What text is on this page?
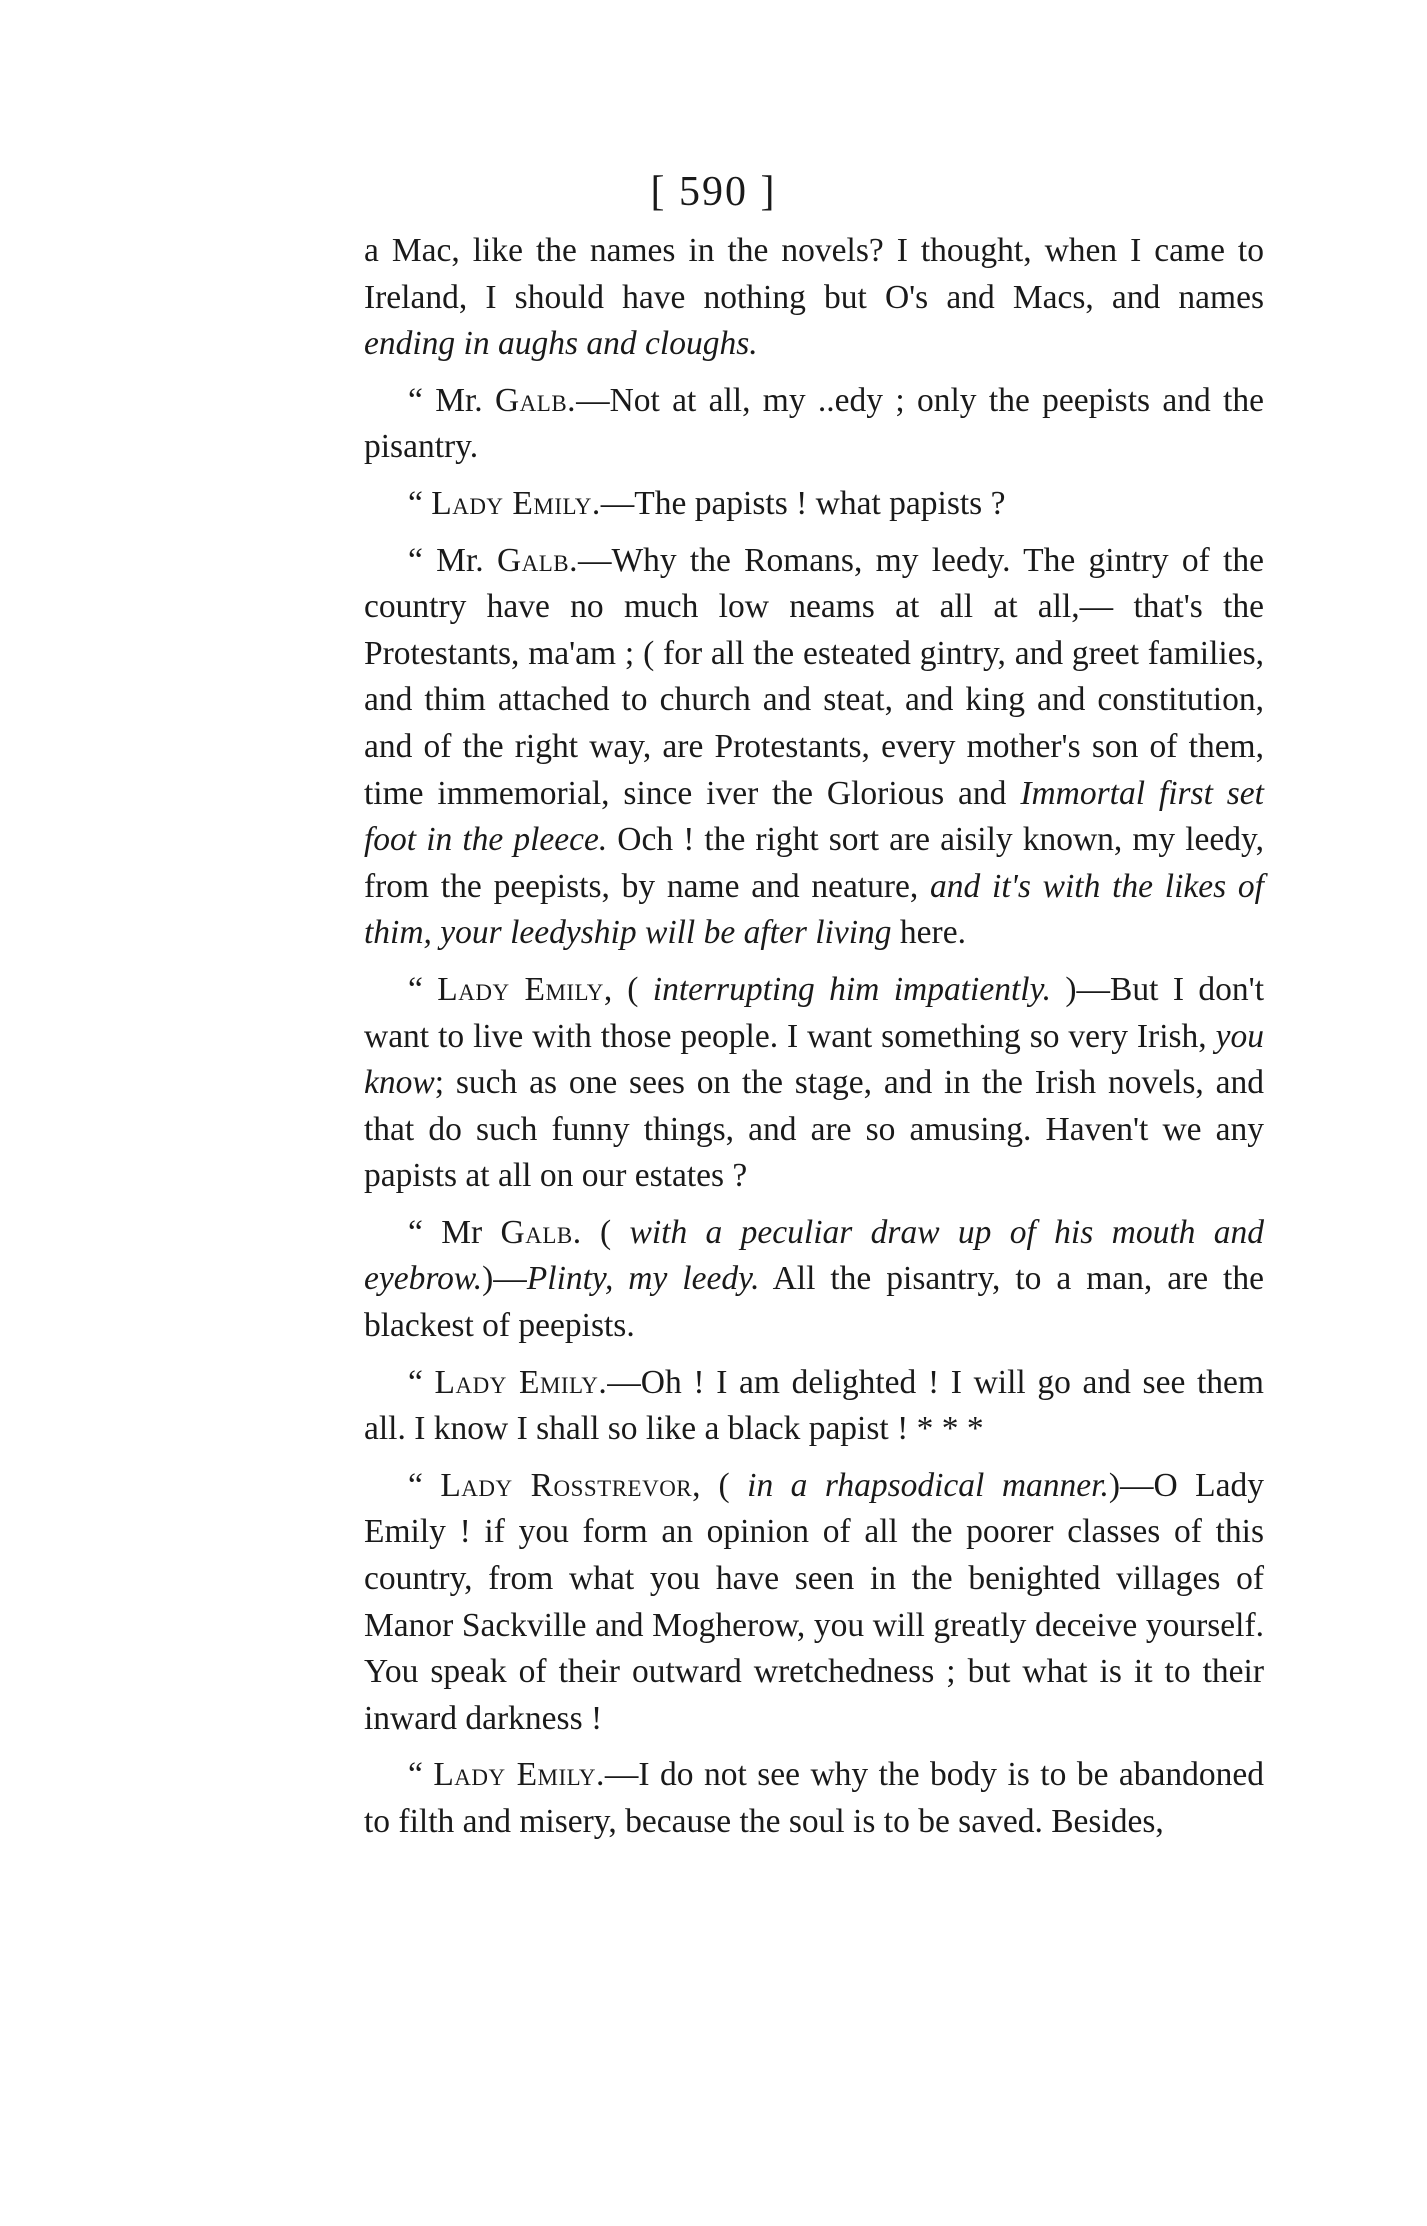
[ 590 ]

a Mac, like the names in the novels? I thought, when I came to Ireland, I should have nothing but O's and Macs, and names ending in aughs and cloughs.

“ Mr. Galb.—Not at all, my ..edy ; only the peepists and the pisantry.

“ Lady Emily.—The papists ! what papists ?

“ Mr. Galb.—Why the Romans, my leedy. The gintry of the country have no much low neams at all at all,— that's the Protestants, ma'am ; ( for all the esteated gintry, and greet families, and thim attached to church and steat, and king and constitution, and of the right way, are Protestants, every mother's son of them, time immemorial, since iver the Glorious and Immortal first set foot in the pleece. Och ! the right sort are aisily known, my leedy, from the peepists, by name and neature, and it's with the likes of thim, your leedyship will be after living here.

“ Lady Emily, ( interrupting him impatiently. )—But I don't want to live with those people. I want something so very Irish, you know; such as one sees on the stage, and in the Irish novels, and that do such funny things, and are so amusing. Haven't we any papists at all on our estates ?

“ Mr Galb. ( with a peculiar draw up of his mouth and eyebrow.)—Plinty, my leedy. All the pisantry, to a man, are the blackest of peepists.

“ Lady Emily.—Oh ! I am delighted ! I will go and see them all. I know I shall so like a black papist ! * * *

“ Lady Rosstrevor, ( in a rhapsodical manner.)—O Lady Emily ! if you form an opinion of all the poorer classes of this country, from what you have seen in the benighted villages of Manor Sackville and Mogherow, you will greatly deceive yourself. You speak of their outward wretchedness ; but what is it to their inward darkness !

“ Lady Emily.—I do not see why the body is to be abandoned to filth and misery, because the soul is to be saved. Besides,
